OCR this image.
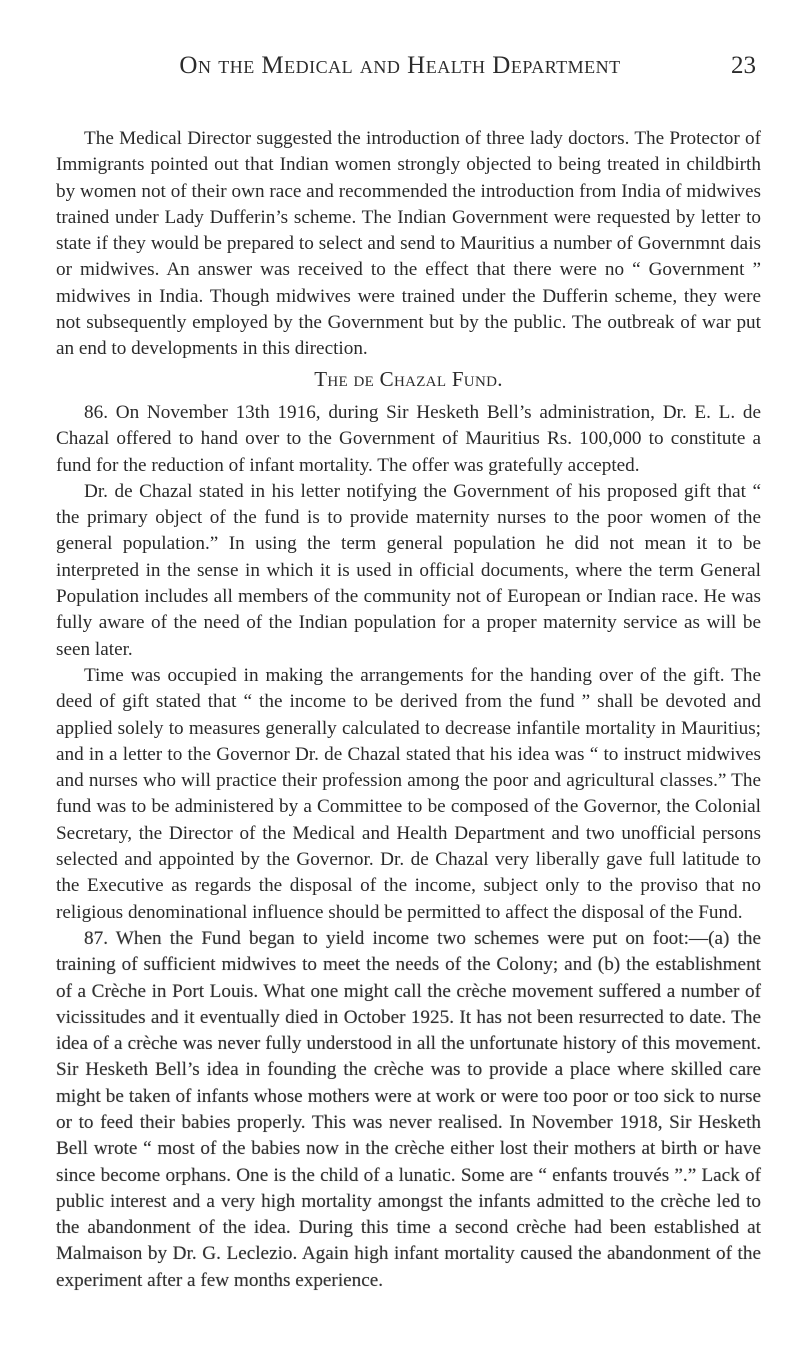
On the Medical and Health Department	23

The Medical Director suggested the introduction of three lady doctors. The Protector of Immigrants pointed out that Indian women strongly objected to being treated in childbirth by women not of their own race and recommended the introduction from India of midwives trained under Lady Dufferin’s scheme. The Indian Government were requested by letter to state if they would be prepared to select and send to Mauritius a number of Governmnt dais or midwives. An answer was received to the effect that there were no “ Government ” midwives in India. Though midwives were trained under the Dufferin scheme, they were not subsequently employed by the Government but by the public. The outbreak of war put an end to developments in this direction.

The de Chazal Fund.

86. On November 13th 1916, during Sir Hesketh Bell’s administration, Dr. E. L. de Chazal offered to hand over to the Government of Mauritius Rs. 100,000 to constitute a fund for the reduction of infant mortality. The offer was gratefully accepted.

Dr. de Chazal stated in his letter notifying the Government of his proposed gift that “ the primary object of the fund is to provide maternity nurses to the poor women of the general population.” In using the term general population he did not mean it to be interpreted in the sense in which it is used in official documents, where the term General Population includes all members of the community not of European or Indian race. He was fully aware of the need of the Indian population for a proper maternity service as will be seen later.

Time was occupied in making the arrangements for the handing over of the gift. The deed of gift stated that “ the income to be derived from the fund ” shall be devoted and applied solely to measures generally calculated to decrease infantile mortality in Mauritius; and in a letter to the Governor Dr. de Chazal stated that his idea was “ to instruct midwives and nurses who will practice their profession among the poor and agricultural classes.” The fund was to be administered by a Committee to be composed of the Governor, the Colonial Secretary, the Director of the Medical and Health Department and two unofficial persons selected and appointed by the Governor. Dr. de Chazal very liberally gave full latitude to the Executive as regards the disposal of the income, subject only to the proviso that no religious denominational influence should be permitted to affect the disposal of the Fund.

87. When the Fund began to yield income two schemes were put on foot:—(a) the training of sufficient midwives to meet the needs of the Colony; and (b) the establishment of a Crèche in Port Louis. What one might call the crèche movement suffered a number of vicissitudes and it eventually died in October 1925. It has not been resurrected to date. The idea of a crèche was never fully understood in all the unfortunate history of this movement. Sir Hesketh Bell’s idea in founding the crèche was to provide a place where skilled care might be taken of infants whose mothers were at work or were too poor or too sick to nurse or to feed their babies properly. This was never realised. In November 1918, Sir Hesketh Bell wrote “ most of the babies now in the crèche either lost their mothers at birth or have since become orphans. One is the child of a lunatic. Some are “ enfants trouvés ”.” Lack of public interest and a very high mortality amongst the infants admitted to the crèche led to the abandonment of the idea. During this time a second crèche had been established at Malmaison by Dr. G. Leclezio. Again high infant mortality caused the abandonment of the experiment after a few months experience.
